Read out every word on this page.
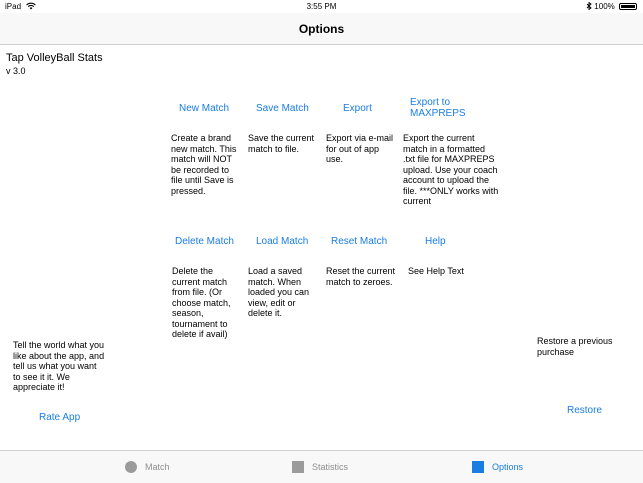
3:55 PM
iPad	100%
Options
Tap VolleyBall Stats
v 3.0
New Match	Save Match	Export
Export to MAXPREPS
Create a brand new match. This match will NOT be recorded to file until Save is pressed.
Save the current match to file.
Export via e-mail for out of app use.
Export the current match in a formatted .txt file for MAXPREPS upload. Use your coach account to upload the file. ***ONLY works with current
Delete Match Load Match Reset Match	Help
Delete the current match from file. (Or choose match, season, tournament to delete if avail)
Load a saved match. When loaded you can view, edit or delete it.
Reset the current match to zeroes.
See Help Text
Tell the world what you like about the app, and tell us what you want to see it it. We appreciate it!
Rate App
Restore a previous purchase
Restore
Match	Statistics	Options
